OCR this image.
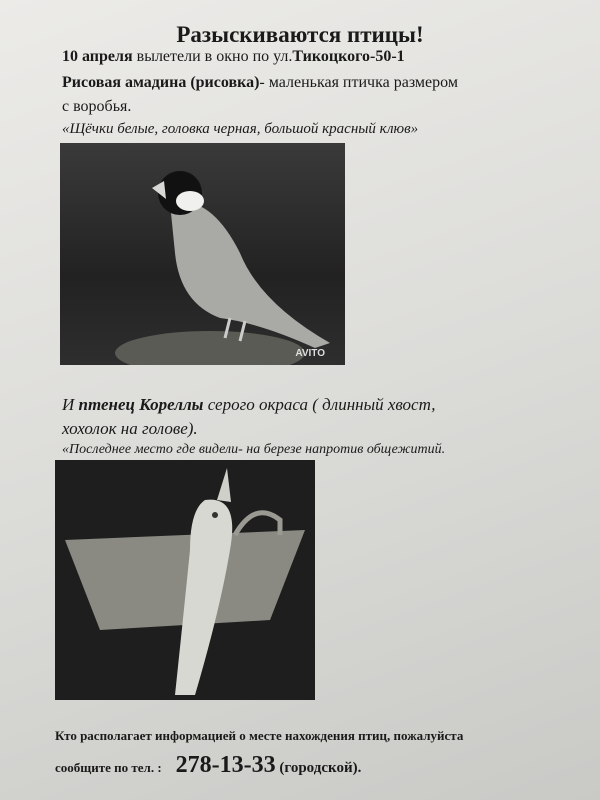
Разыскиваются птицы!
10 апреля вылетели в окно по ул.Тикоцкого-50-1
Рисовая амадина (рисовка)- маленькая птичка размером
с воробья.
«Щёчки белые, головка черная, большой красный клюв»
AVITO
И птенец Кореллы серого окраса ( длинный хвост,
хохолок на голове).
«Последнее место где видели- на березе напротив общежитий.
Кто располагает информацией о месте нахождения птиц, пожалуйста
сообщите по тел. : 278-13-33 (городской).
